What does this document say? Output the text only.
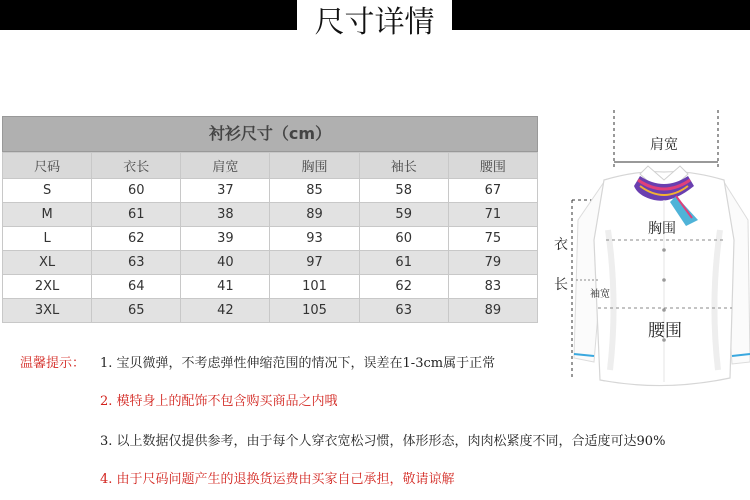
尺寸详情
衬衫尺寸（cm）
尺码	衣长	肩宽	胸围	袖长	腰围
S	60	37	85	58	67
M	61	38	89	59	71
L	62	39	93	60	75
XL	63	40	97	61	79
2XL	64	41	101	62	83
3XL	65	42	105	63	89
温馨提示： 1. 宝贝微弹，不考虑弹性伸缩范围的情况下，误差在1-3cm属于正常
2. 模特身上的配饰不包含购买商品之内哦
3. 以上数据仅提供参考，由于每个人穿衣宽松习惯，体形形态，肉肉松紧度不同，合适度可达90%
4. 由于尺码问题产生的退换货运费由买家自己承担，敬请谅解
肩宽
胸围
衣
长
袖宽
腰围
